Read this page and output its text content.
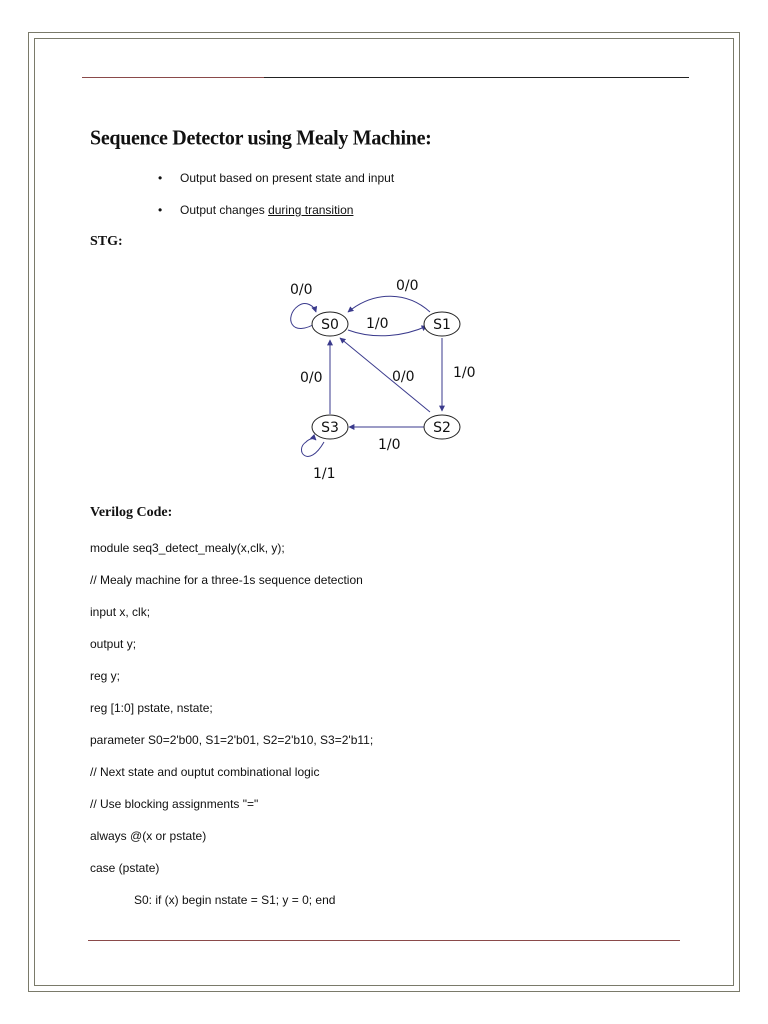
Sequence Detector using Mealy Machine:
• Output based on present state and input
• Output changes during transition
STG:
S0	S1
S2
S3
0/0	0/0
1/0
1/0
0/0	0/0
1/0
1/1
Verilog Code:
module seq3_detect_mealy(x,clk, y);
// Mealy machine for a three-1s sequence detection
input x, clk;
output y;
reg y;
reg [1:0] pstate, nstate;
parameter S0=2'b00, S1=2'b01, S2=2'b10, S3=2'b11;
// Next state and ouptut combinational logic
// Use blocking assignments "="
always @(x or pstate)
case (pstate)
S0: if (x) begin nstate = S1; y = 0; end
